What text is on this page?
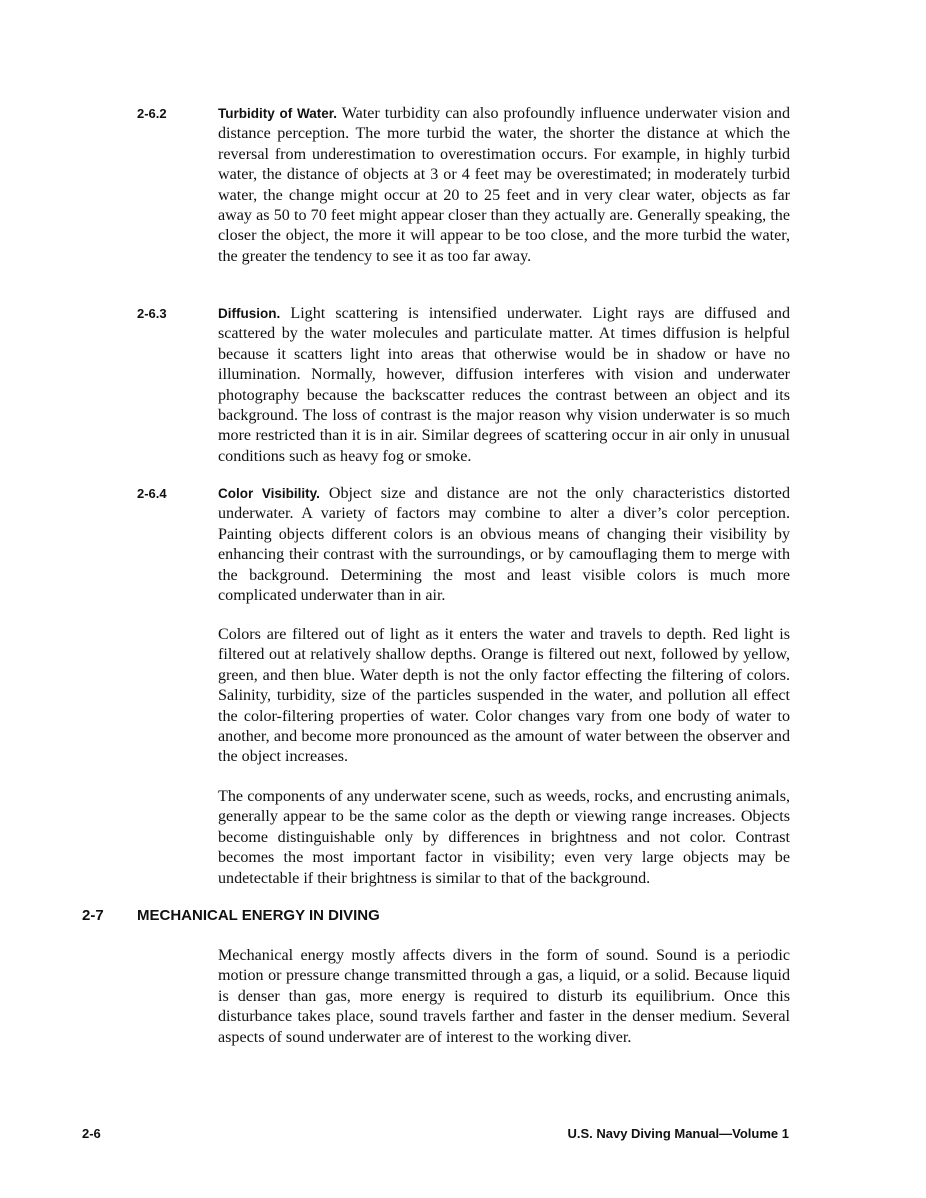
2-6.2	Turbidity of Water. Water turbidity can also profoundly influence underwater vision and distance perception. The more turbid the water, the shorter the distance at which the reversal from underestimation to overestimation occurs. For example, in highly turbid water, the distance of objects at 3 or 4 feet may be overestimated; in moderately turbid water, the change might occur at 20 to 25 feet and in very clear water, objects as far away as 50 to 70 feet might appear closer than they actually are. Generally speaking, the closer the object, the more it will appear to be too close, and the more turbid the water, the greater the tendency to see it as too far away.

2-6.3	Diffusion. Light scattering is intensified underwater. Light rays are diffused and scattered by the water molecules and particulate matter. At times diffusion is helpful because it scatters light into areas that otherwise would be in shadow or have no illumination. Normally, however, diffusion interferes with vision and underwater photography because the backscatter reduces the contrast between an object and its background. The loss of contrast is the major reason why vision underwater is so much more restricted than it is in air. Similar degrees of scattering occur in air only in unusual conditions such as heavy fog or smoke.

2-6.4	Color Visibility. Object size and distance are not the only characteristics distorted underwater. A variety of factors may combine to alter a diver’s color perception. Painting objects different colors is an obvious means of changing their visibility by enhancing their contrast with the surroundings, or by camouflaging them to merge with the background. Determining the most and least visible colors is much more complicated underwater than in air.

Colors are filtered out of light as it enters the water and travels to depth. Red light is filtered out at relatively shallow depths. Orange is filtered out next, followed by yellow, green, and then blue. Water depth is not the only factor effecting the filtering of colors. Salinity, turbidity, size of the particles suspended in the water, and pollution all effect the color-filtering properties of water. Color changes vary from one body of water to another, and become more pronounced as the amount of water between the observer and the object increases.

The components of any underwater scene, such as weeds, rocks, and encrusting animals, generally appear to be the same color as the depth or viewing range increases. Objects become distinguishable only by differences in brightness and not color. Contrast becomes the most important factor in visibility; even very large objects may be undetectable if their brightness is similar to that of the background.

2-7 MECHANICAL ENERGY IN DIVING

Mechanical energy mostly affects divers in the form of sound. Sound is a periodic motion or pressure change transmitted through a gas, a liquid, or a solid. Because liquid is denser than gas, more energy is required to disturb its equilibrium. Once this disturbance takes place, sound travels farther and faster in the denser medium. Several aspects of sound underwater are of interest to the working diver.

2-6	U.S. Navy Diving Manual—Volume 1
